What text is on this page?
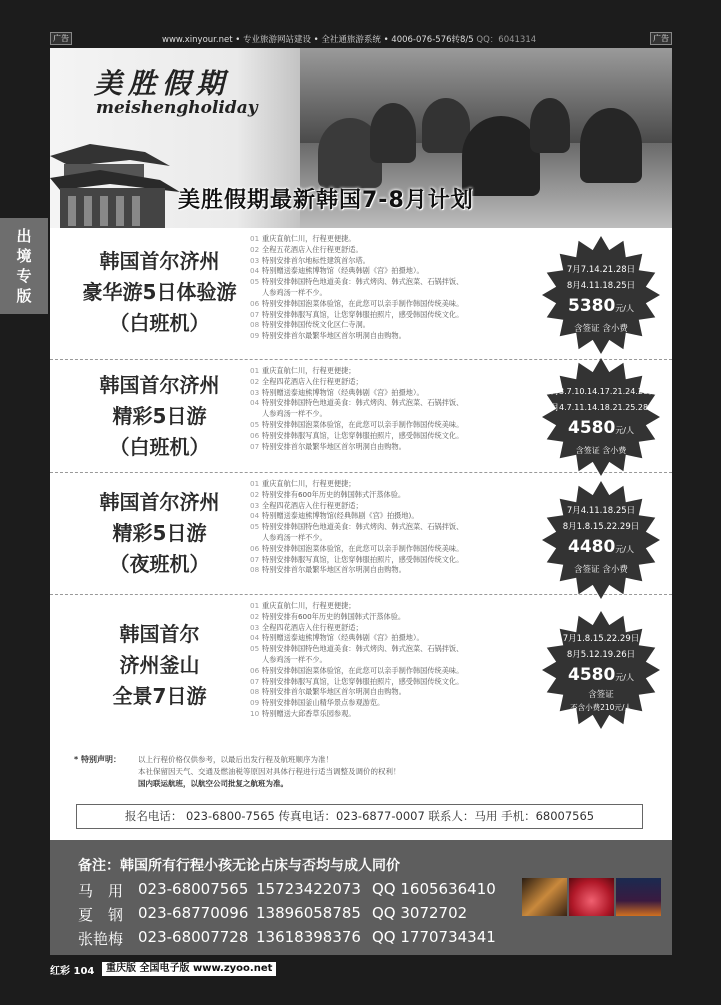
广告	www.xinyour.net • 专业旅游网站建设 • 全社通旅游系统 • 4006-076-576转8/5 QQ：6041314	广告
出
境
专
版
美胜假期
meishengholiday
美胜假期最新韩国7-8月计划
韩国首尔济州
豪华游5日体验游
（白班机）
01 重庆直航仁川，行程更便捷。
02 全程五花酒店入住行程更舒适。
03 特别安排首尔地标性建筑首尔塔。
04 特别赠送泰迪熊博物馆（经典韩剧《宫》拍摄地）。
05 特别安排韩国特色地道美食：韩式烤肉、韩式泡菜、石锅拌饭、
人参鸡汤一样不少。
06 特别安排韩国泡菜体验馆，在此您可以亲手制作韩国传统美味。
07 特别安排韩服写真馆，让您穿韩服拍照片，感受韩国传统文化。
08 特别安排韩国传统文化区仁寺洞。
09 特别安排首尔最繁华地区首尔明洞自由购物。
7月7.14.21.28日
8月4.11.18.25日
5380元/人
含签证 含小费
韩国首尔济州
精彩5日游
（白班机）
01 重庆直航仁川，行程更便捷；
02 全程四花酒店入住行程更舒适；
03 特别赠送泰迪熊博物馆（经典韩剧《宫》拍摄地）。
04 特别安排韩国特色地道美食：韩式烤肉、韩式泡菜、石锅拌饭、
人参鸡汤一样不少。
05 特别安排韩国泡菜体验馆，在此您可以亲手制作韩国传统美味。
06 特别安排韩服写真馆，让您穿韩服拍照片，感受韩国传统文化。
07 特别安排首尔最繁华地区首尔明洞自由购物。
7月3.7.10.14.17.21.24.28日
8月4.7.11.14.18.21.25.28日
4580元/人
含签证 含小费
韩国首尔济州
精彩5日游
（夜班机）
01 重庆直航仁川，行程更便捷；
02 特别安排有600年历史的韩国韩式汗蒸体验。
03 全程四花酒店入住行程更舒适；
04 特别赠送泰迪熊博物馆(经典韩剧《宫》拍摄地)。
05 特别安排韩国特色地道美食：韩式烤肉、韩式泡菜、石锅拌饭、
人参鸡汤一样不少。
06 特别安排韩国泡菜体验馆，在此您可以亲手制作韩国传统美味。
07 特别安排韩服写真馆，让您穿韩服拍照片，感受韩国传统文化。
08 特别安排首尔最繁华地区首尔明洞自由购物。
7月4.11.18.25日
8月1.8.15.22.29日
4480元/人
含签证 含小费
韩国首尔
济州釜山
全景7日游
01 重庆直航仁川，行程更便捷；
02 特别安排有600年历史的韩国韩式汗蒸体验。
03 全程四花酒店入住行程更舒适；
04 特别赠送泰迪熊博物馆（经典韩剧《宫》拍摄地）。
05 特别安排韩国特色地道美食：韩式烤肉、韩式泡菜、石锅拌饭、
人参鸡汤一样不少。
06 特别安排韩国泡菜体验馆，在此您可以亲手制作韩国传统美味。
07 特别安排韩服写真馆，让您穿韩服拍照片，感受韩国传统文化。
08 特别安排首尔最繁华地区首尔明洞自由购物。
09 特别安排韩国釜山精华景点参观游览。
10 特别赠送大邱香草乐园参观。
7月1.8.15.22.29日
8月5.12.19.26日
4580元/人
含签证
不含小费210元/人
* 特别声明： 以上行程价格仅供参考，以最后出发行程及航班顺序为准！
本社保留因天气、交通及燃油税等原因对具体行程进行适当调整及调价的权利！
国内联运航班，以航空公司批复之航班为准。
报名电话： 023-6800-7565 传真电话：023-6877-0007 联系人：马用 手机：68007565
备注：韩国所有行程小孩无论占床与否均与成人同价
马　用 023-68007565 15723422073 QQ 1605636410
夏　钢 023-68770096 13896058785 QQ 3072702
张艳梅 023-68007728 13618398376 QQ 1770734341
红彩 104	重庆版 全国电子版 www.zyoo.net
